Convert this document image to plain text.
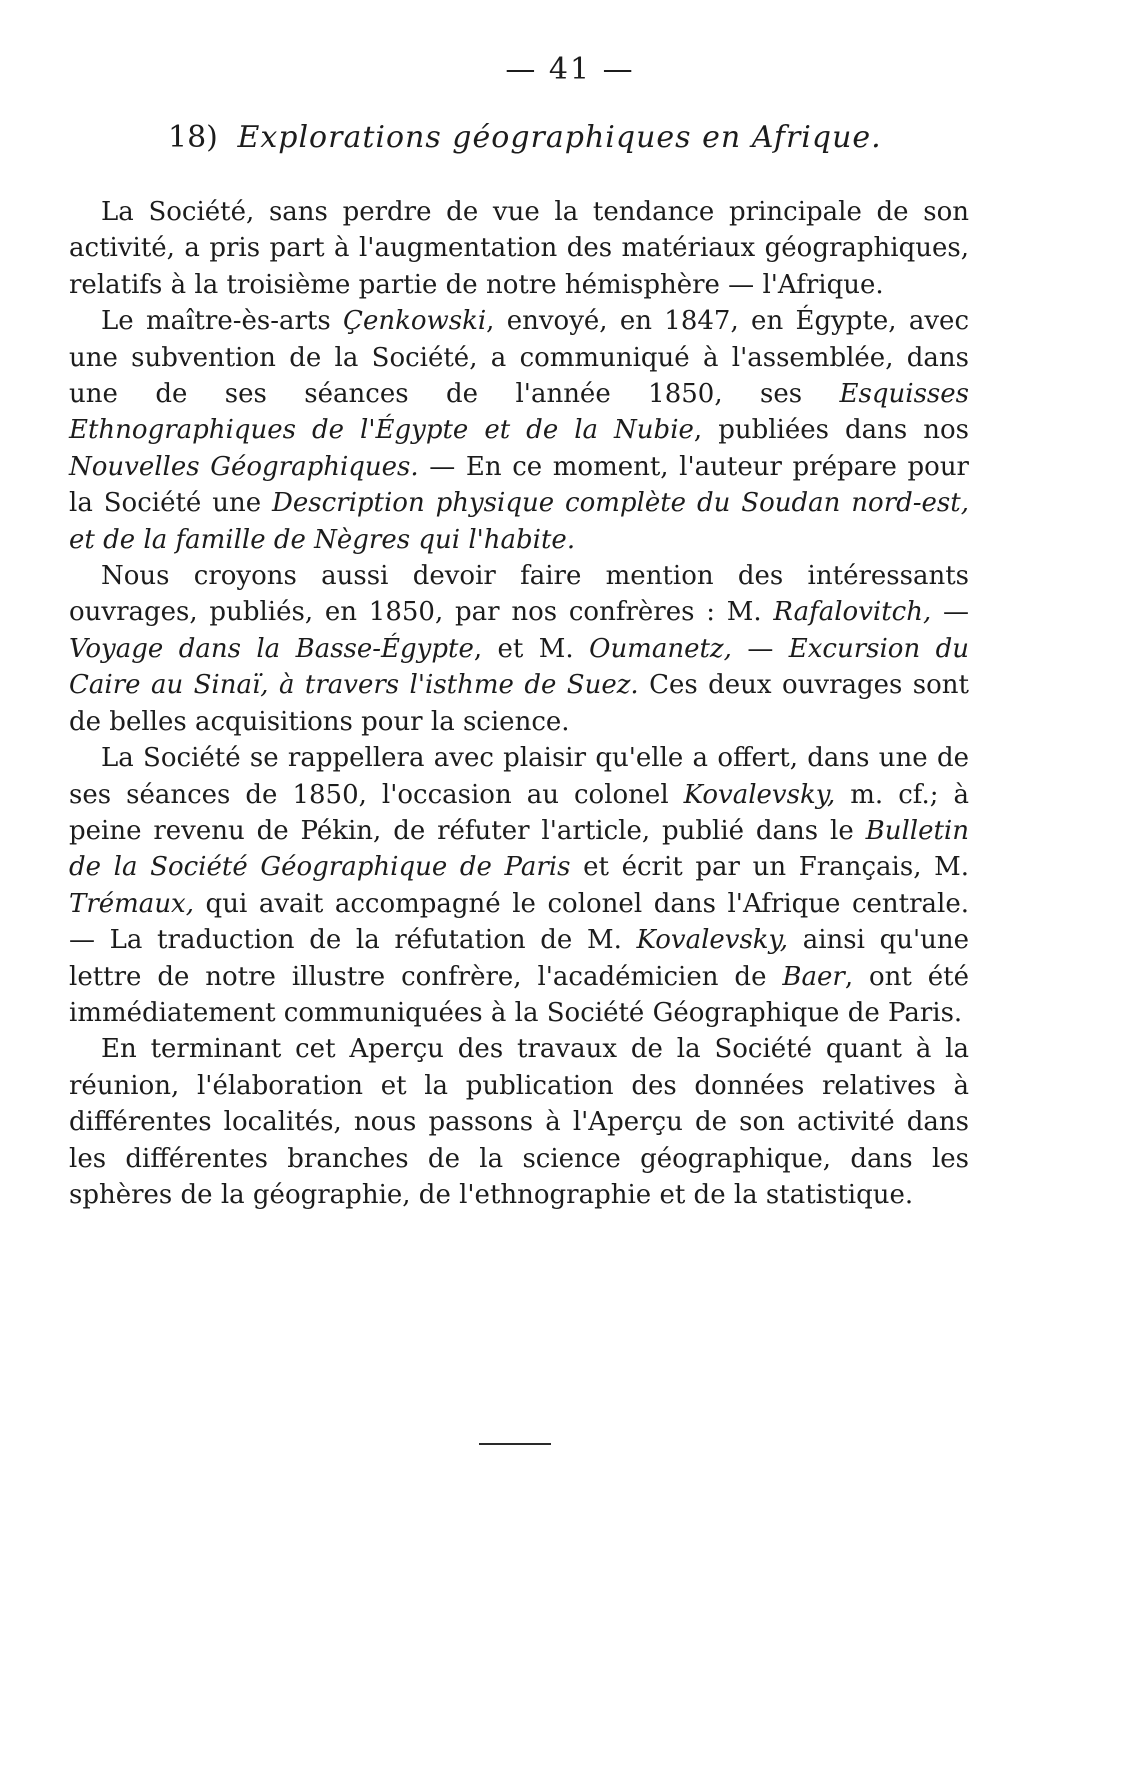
— 41 —
18) Explorations géographiques en Afrique.

La Société, sans perdre de vue la tendance principale de son activité, a pris part à l'augmentation des matériaux géographiques, relatifs à la troisième partie de notre hémisphère — l'Afrique.

Le maître-ès-arts Çenkowski, envoyé, en 1847, en Égypte, avec une subvention de la Société, a communiqué à l'assemblée, dans une de ses séances de l'année 1850, ses Esquisses Ethnographiques de l'Égypte et de la Nubie, publiées dans nos Nouvelles Géographiques. — En ce moment, l'auteur prépare pour la Société une Description physique complète du Soudan nord-est, et de la famille de Nègres qui l'habite.

Nous croyons aussi devoir faire mention des intéressants ouvrages, publiés, en 1850, par nos confrères : M. Rafalovitch, — Voyage dans la Basse-Égypte, et M. Oumanetz, — Excursion du Caire au Sinaï, à travers l'isthme de Suez. Ces deux ouvrages sont de belles acquisitions pour la science.

La Société se rappellera avec plaisir qu'elle a offert, dans une de ses séances de 1850, l'occasion au colonel Kovalevsky, m. cf.; à peine revenu de Pékin, de réfuter l'article, publié dans le Bulletin de la Société Géographique de Paris et écrit par un Français, M. Trémaux, qui avait accompagné le colonel dans l'Afrique centrale. — La traduction de la réfutation de M. Kovalevsky, ainsi qu'une lettre de notre illustre confrère, l'académicien de Baer, ont été immédiatement communiquées à la Société Géographique de Paris.

En terminant cet Aperçu des travaux de la Société quant à la réunion, l'élaboration et la publication des données relatives à différentes localités, nous passons à l'Aperçu de son activité dans les différentes branches de la science géographique, dans les sphères de la géographie, de l'ethnographie et de la statistique.
